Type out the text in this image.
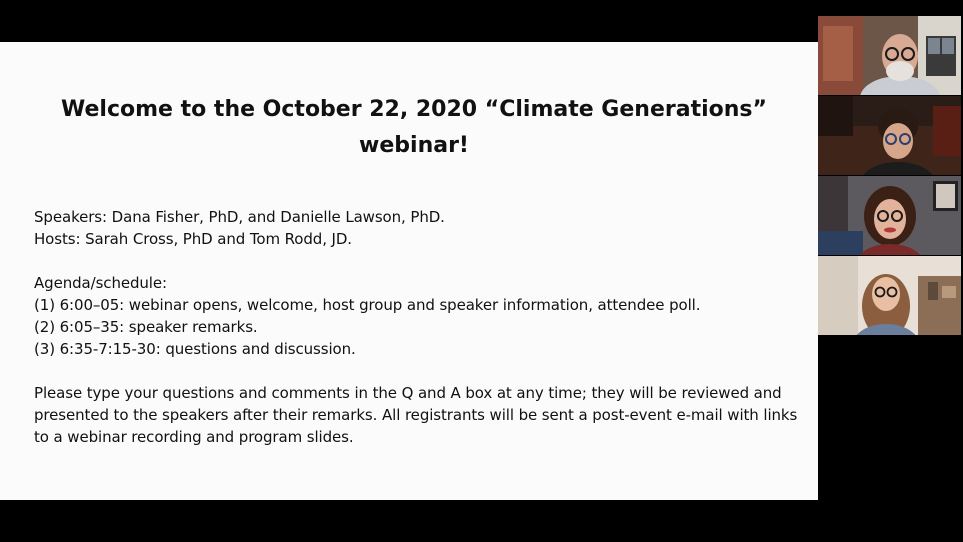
Welcome to the October 22, 2020 “Climate Generations” webinar!
Speakers: Dana Fisher, PhD, and Danielle Lawson, PhD.
Hosts: Sarah Cross, PhD and Tom Rodd, JD.
Agenda/schedule:
(1) 6:00–05: webinar opens, welcome, host group and speaker information, attendee poll.
(2) 6:05–35: speaker remarks.
(3) 6:35-7:15-30: questions and discussion.
Please type your questions and comments in the Q and A box at any time; they will be reviewed and presented to the speakers after their remarks. All registrants will be sent a post-event e-mail with links to a webinar recording and program slides.
